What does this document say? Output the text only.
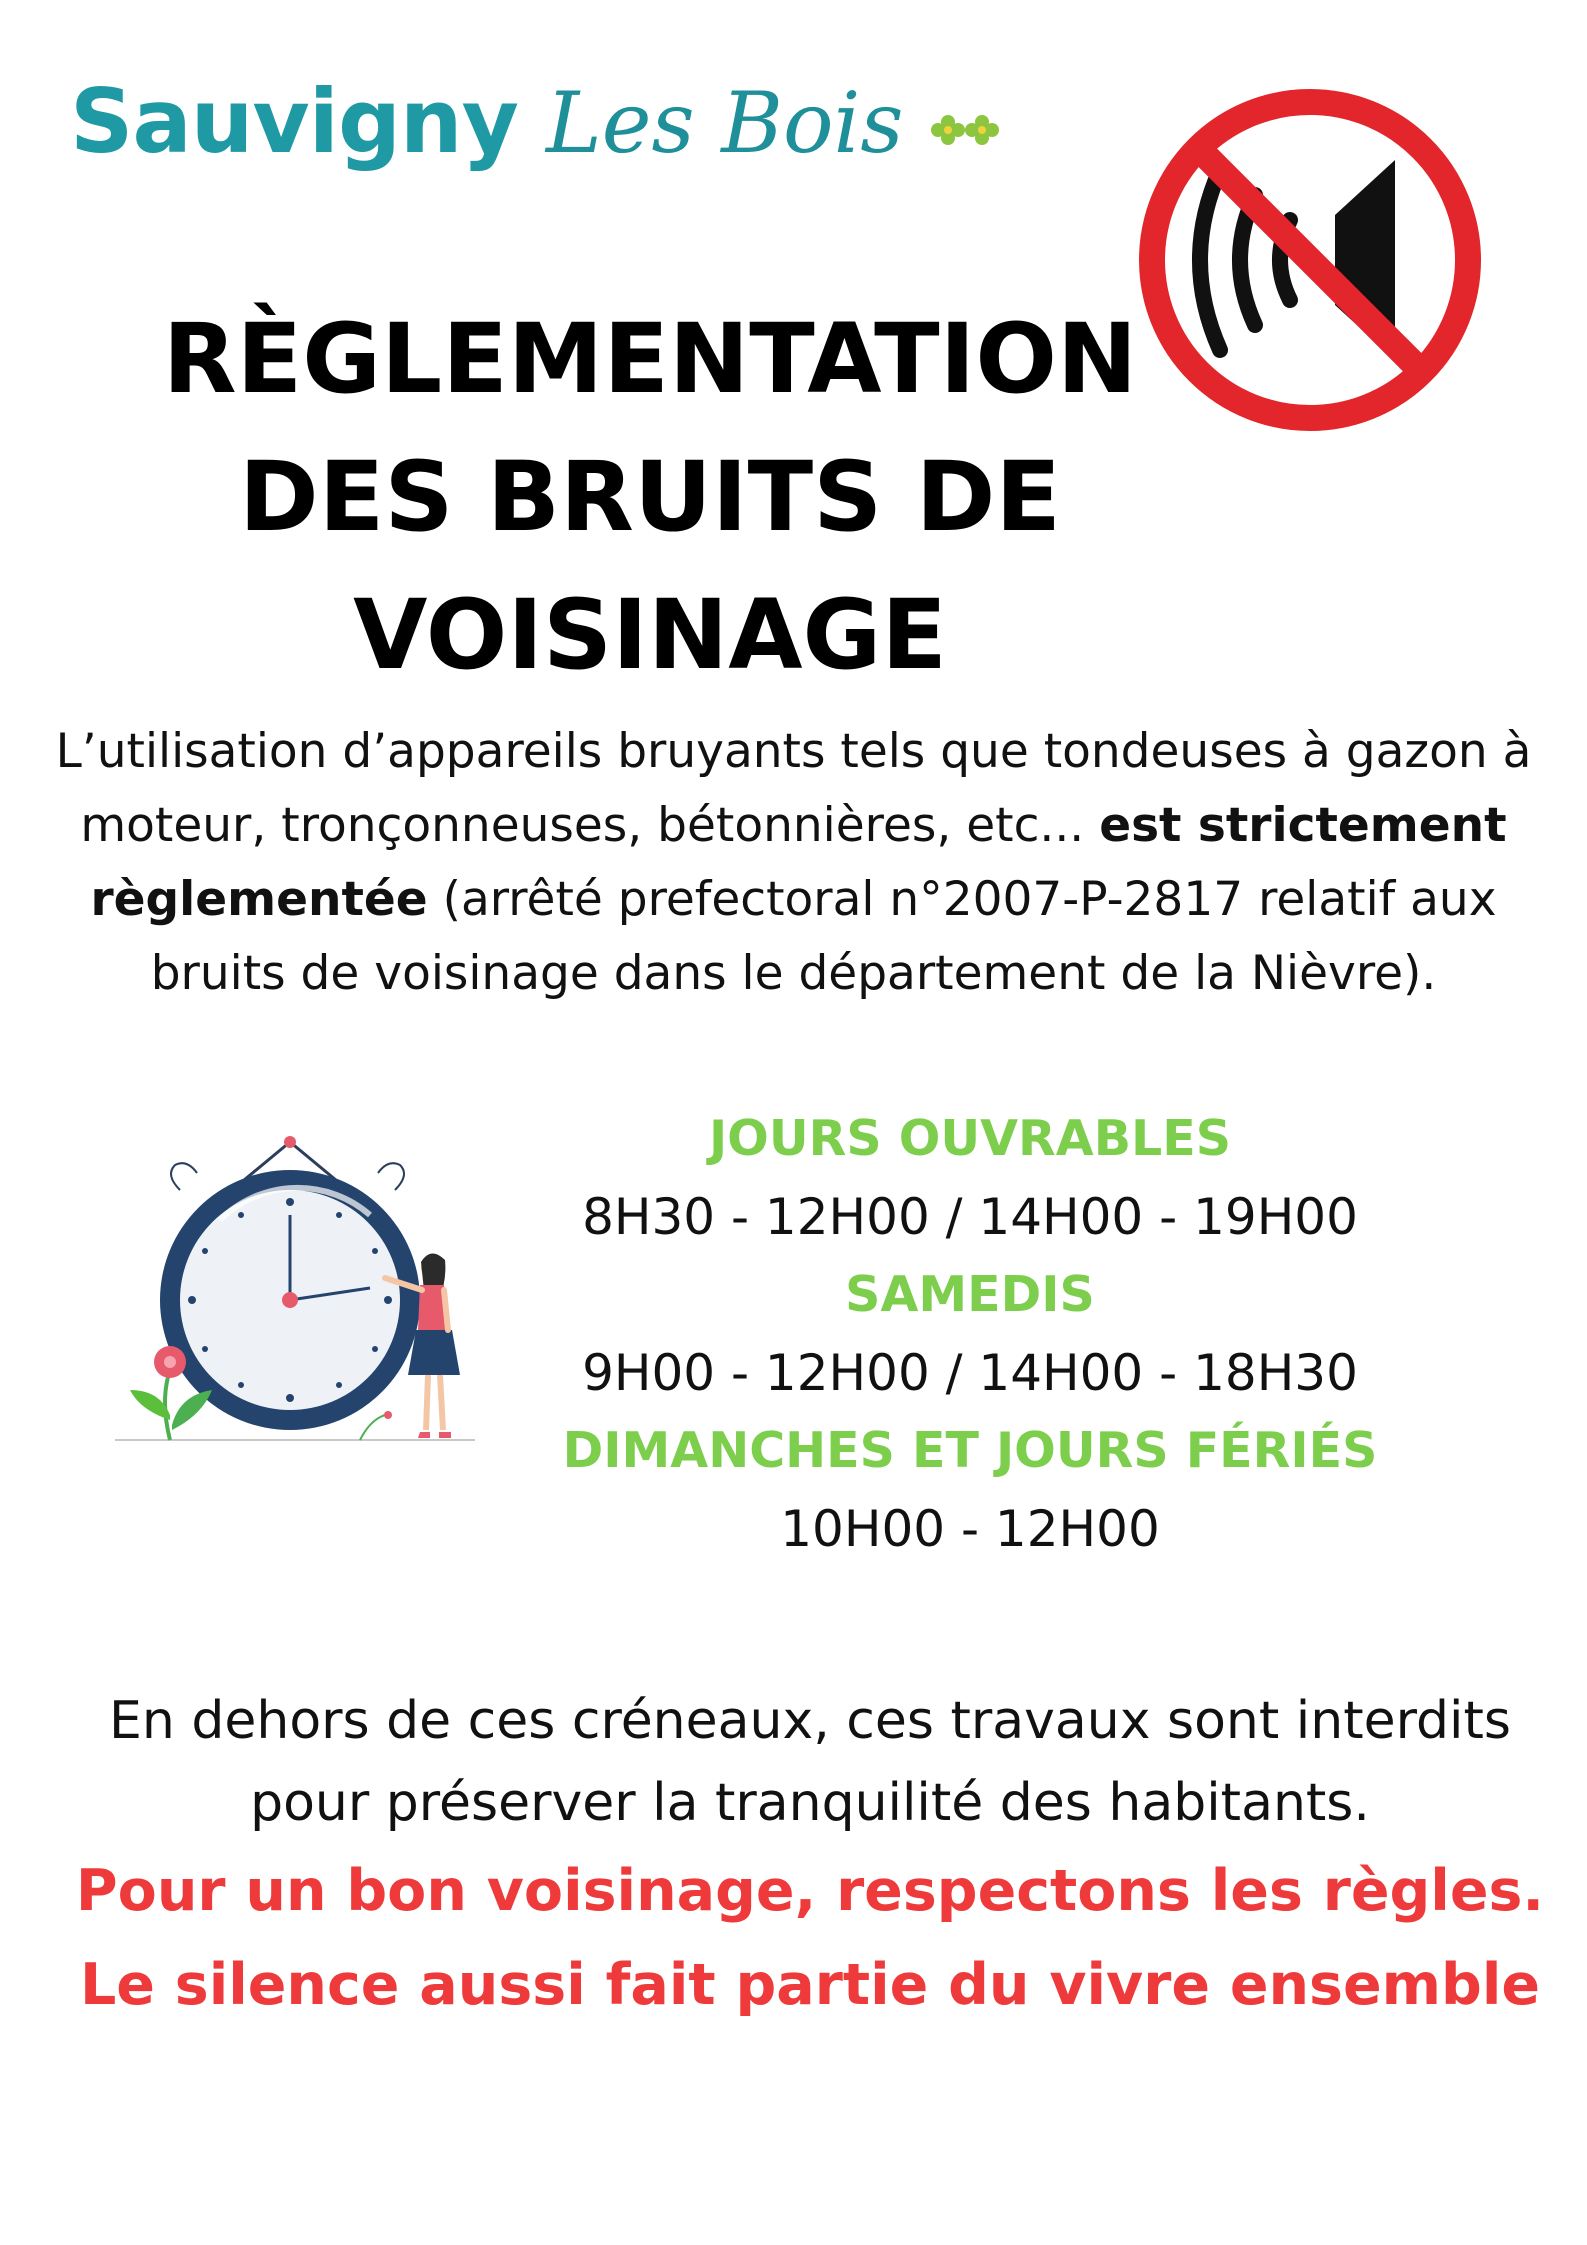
Sauvigny Les Bois
RÈGLEMENTATION
DES BRUITS DE
VOISINAGE
L’utilisation d’appareils bruyants tels que tondeuses à gazon à
moteur, tronçonneuses, bétonnières, etc... est strictement
règlementée (arrêté prefectoral n°2007-P-2817 relatif aux
bruits de voisinage dans le département de la Nièvre).
JOURS OUVRABLES
8H30 - 12H00 / 14H00 - 19H00
SAMEDIS
9H00 - 12H00 / 14H00 - 18H30
DIMANCHES ET JOURS FÉRIÉS
10H00 - 12H00
En dehors de ces créneaux, ces travaux sont interdits
pour préserver la tranquilité des habitants.
Pour un bon voisinage, respectons les règles.
Le silence aussi fait partie du vivre ensemble
